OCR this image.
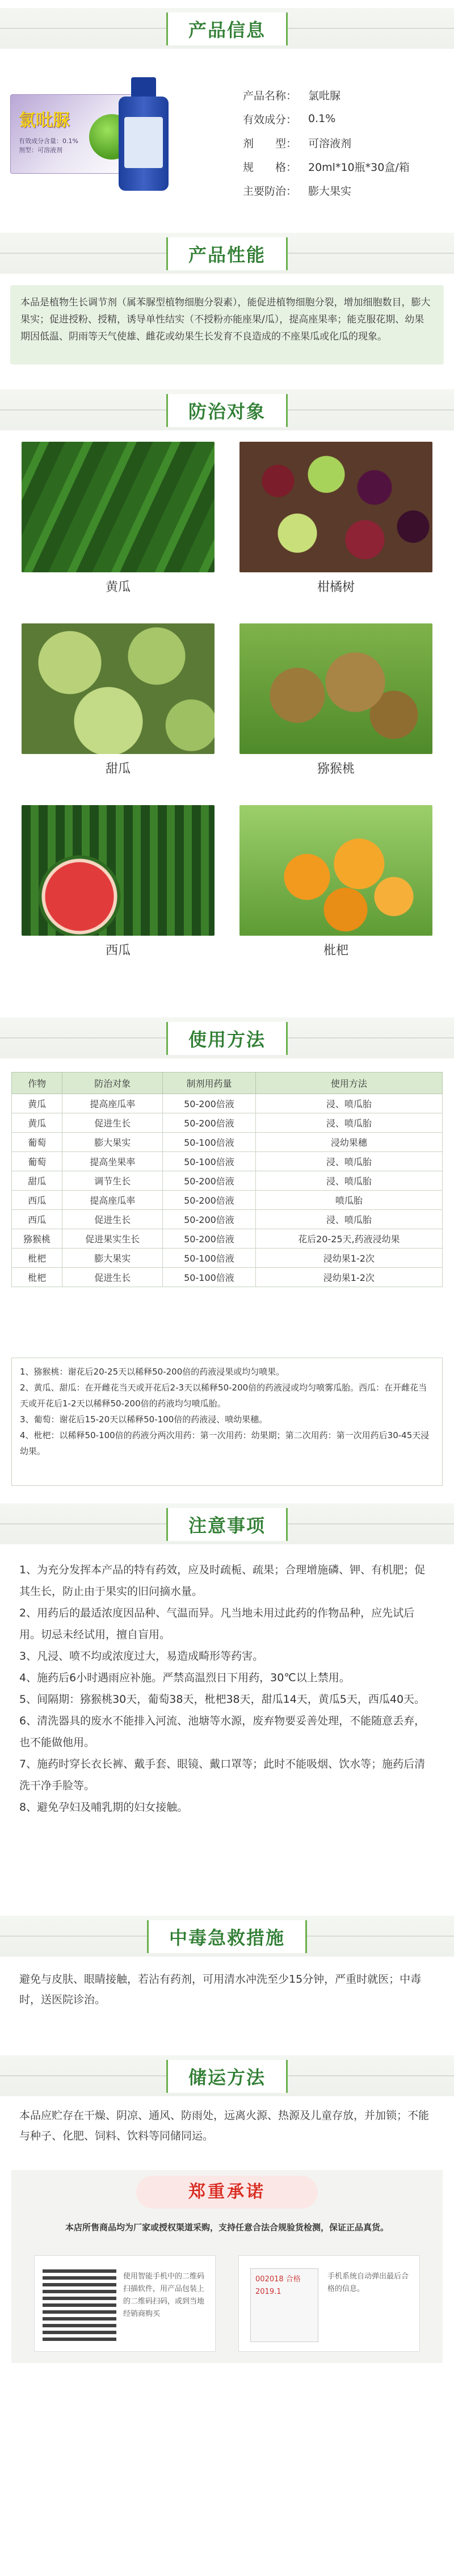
产品信息
氯吡脲
有效成分含量：0.1%
剂型：可溶液剂
产品名称：	氯吡脲
有效成分：	0.1%
剂　　型：	可溶液剂
规　　格：	20ml*10瓶*30盒/箱
主要防治：	膨大果实
产品性能
本品是植物生长调节剂（属苯脲型植物细胞分裂素），能促进植物细胞分裂，增加细胞数目，膨大果实；促进授粉、授精，诱导单性结实（不授粉亦能座果/瓜），提高座果率；能克服花期、幼果期因低温、阴雨等天气使雄、雌花或幼果生长发育不良造成的不座果瓜或化瓜的现象。
防治对象
黄瓜	柑橘树
甜瓜	猕猴桃
西瓜	枇杷
使用方法
作物	防治对象	制剂用药量	使用方法
黄瓜	提高座瓜率	50-200倍液	浸、喷瓜胎
黄瓜	促进生长	50-200倍液	浸、喷瓜胎
葡萄	膨大果实	50-100倍液	浸幼果穗
葡萄	提高坐果率	50-100倍液	浸、喷瓜胎
甜瓜	调节生长	50-200倍液	浸、喷瓜胎
西瓜	提高座瓜率	50-200倍液	喷瓜胎
西瓜	促进生长	50-200倍液	浸、喷瓜胎
猕猴桃	促进果实生长	50-200倍液	花后20-25天,药液浸幼果
枇杷	膨大果实	50-100倍液	浸幼果1-2次
枇杷	促进生长	50-100倍液	浸幼果1-2次
1、猕猴桃：谢花后20-25天以稀释50-200倍的药液浸果或均匀喷果。
2、黄瓜、甜瓜：在开雌花当天或开花后2-3天以稀释50-200倍的药液浸或均匀喷雾瓜胎。西瓜：在开雌花当天或开花后1-2天以稀释50-200倍的药液均匀喷瓜胎。
3、葡萄：谢花后15-20天以稀释50-100倍的药液浸、喷幼果穗。
4、枇杷：以稀释50-100倍的药液分两次用药：第一次用药：幼果期；第二次用药：第一次用药后30-45天浸幼果。
注意事项
1、为充分发挥本产品的特有药效，应及时疏栀、疏果；合理增施磷、钾、有机肥；促其生长，防止由于果实的旧问摘水量。
2、用药后的最适浓度因品种、气温而异。凡当地未用过此药的作物品种，应先试后用。切忌未经试用，擅自盲用。
3、凡浸、喷不均或浓度过大，易造成畸形等药害。
4、施药后6小时遇雨应补施。严禁高温烈日下用药，30℃以上禁用。
5、间隔期：猕猴桃30天，葡萄38天，枇杷38天，甜瓜14天，黄瓜5天，西瓜40天。
6、清洗器具的废水不能排入河流、池塘等水源，废弃物要妥善处理，不能随意丢弃，也不能做他用。
7、施药时穿长衣长裤、戴手套、眼镜、戴口罩等；此时不能吸烟、饮水等；施药后清洗干净手脸等。
8、避免孕妇及哺乳期的妇女接触。
中毒急救措施
避免与皮肤、眼睛接触，若沾有药剂，可用清水冲洗至少15分钟，严重时就医；中毒时，送医院诊治。
储运方法
本品应贮存在干燥、阴凉、通风、防雨处，远离火源、热源及儿童存放，并加锁；不能与种子、化肥、饲料、饮料等同储同运。
郑重承诺
本店所售商品均为厂家或授权渠道采购，支持任意合法合规验货检测，保证正品真货。
使用智能手机中的二维码扫描软件，用产品包装上的二维码扫码，或到当地经销商购买
002018 合格 2019.1
手机系统自动弹出最后合格的信息。
